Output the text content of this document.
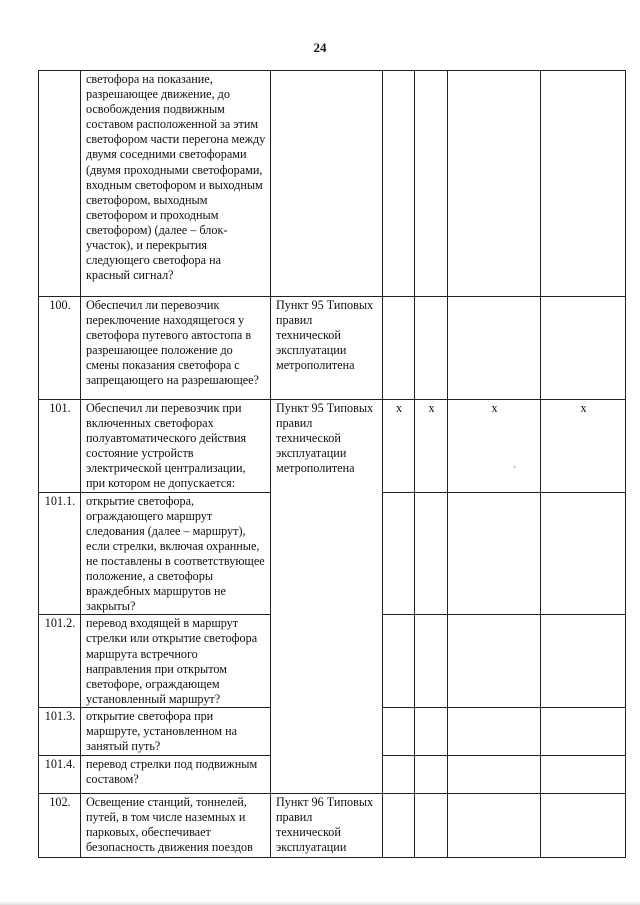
24
	светофора на показание, разрешающее движение, до освобождения подвижным составом расположенной за этим светофором части перегона между двумя соседними светофорами (двумя проходными светофорами, входным светофором и выходным светофором, выходным светофором и проходным светофором) (далее – блок-участок), и перекрытия следующего светофора на красный сигнал?					
100.	Обеспечил ли перевозчик переключение находящегося у светофора путевого автостопа в разрешающее положение до смены показания светофора с запрещающего на разрешающее?	Пункт 95 Типовых правил технической эксплуатации метрополитена				
101.	Обеспечил ли перевозчик при включенных светофорах полуавтоматического действия состояние устройств электрической централизации, при котором не допускается:	Пункт 95 Типовых правил технической эксплуатации метрополитена	x	x	x	x
101.1.	открытие светофора, ограждающего маршрут следования (далее – маршрут), если стрелки, включая охранные, не поставлены в соответствующее положение, а светофоры враждебных маршрутов не закрыты?					
101.2.	перевод входящей в маршрут стрелки или открытие светофора маршрута встречного направления при открытом светофоре, ограждающем установленный маршрут?					
101.3.	открытие светофора при маршруте, установленном на занятый путь?					
101.4.	перевод стрелки под подвижным составом?					
102.	Освещение станций, тоннелей, путей, в том числе наземных и парковых, обеспечивает безопасность движения поездов	Пункт 96 Типовых правил технической эксплуатации				
ˊ
